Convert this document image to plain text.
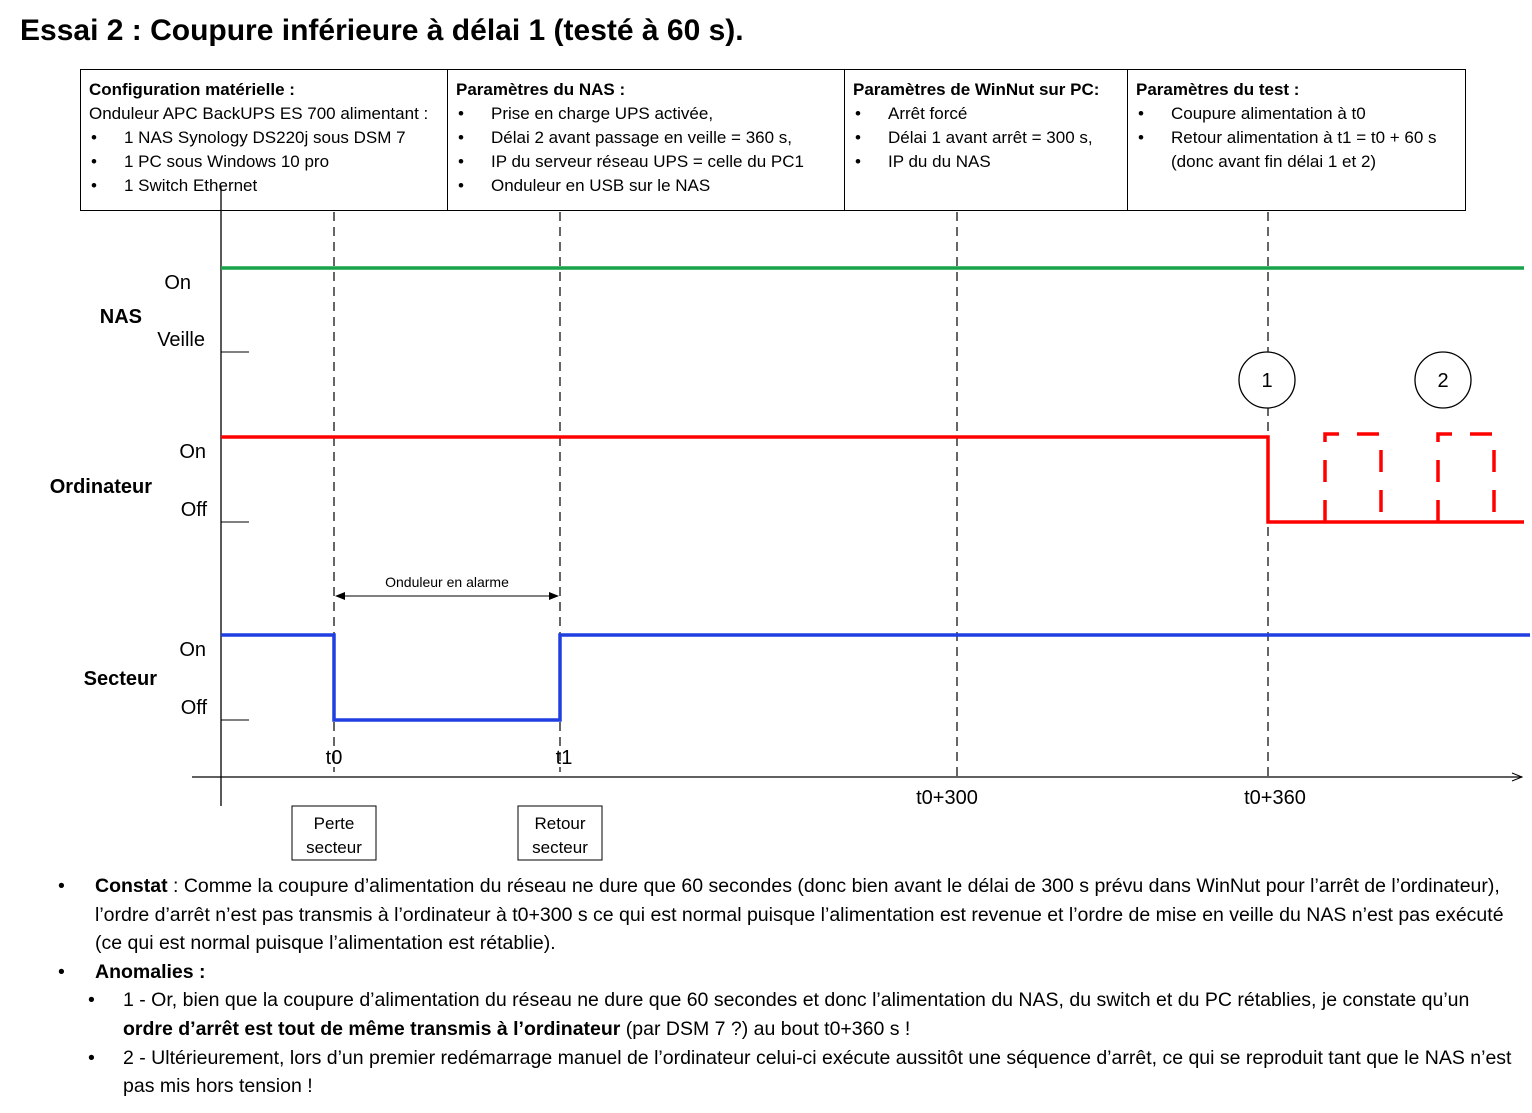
Essai 2 : Coupure inférieure à délai 1 (testé à 60 s).
NAS
On
Veille
Ordinateur
On
Off
Secteur
On
Off
Onduleur en alarme
t0	t1
t0+300	t0+360
Perte
secteur
Retour
secteur
1	2
Configuration matérielle :
Onduleur APC BackUPS ES 700 alimentant :
• 1 NAS Synology DS220j sous DSM 7
• 1 PC sous Windows 10 pro
• 1 Switch Ethernet
Paramètres du NAS :
• Prise en charge UPS activée,
• Délai 2 avant passage en veille = 360 s,
• IP du serveur réseau UPS = celle du PC1
• Onduleur en USB sur le NAS
Paramètres de WinNut sur PC:
• Arrêt forcé
• Délai 1 avant arrêt = 300 s,
• IP du du NAS
Paramètres du test :
• Coupure alimentation à t0
• Retour alimentation à t1 = t0 + 60 s
(donc avant fin délai 1 et 2)
• Constat : Comme la coupure d’alimentation du réseau ne dure que 60 secondes (donc bien avant le délai de 300 s prévu dans WinNut pour l’arrêt de l’ordinateur), l’ordre d’arrêt n’est pas transmis à l’ordinateur à t0+300 s ce qui est normal puisque l’alimentation est revenue et l’ordre de mise en veille du NAS n’est pas exécuté (ce qui est normal puisque l’alimentation est rétablie).
• Anomalies :
• 1 - Or, bien que la coupure d’alimentation du réseau ne dure que 60 secondes et donc l’alimentation du NAS, du switch et du PC rétablies, je constate qu’un ordre d’arrêt est tout de même transmis à l’ordinateur (par DSM 7 ?) au bout t0+360 s !
• 2 - Ultérieurement, lors d’un premier redémarrage manuel de l’ordinateur celui-ci exécute aussitôt une séquence d’arrêt, ce qui se reproduit tant que le NAS n’est pas mis hors tension !
